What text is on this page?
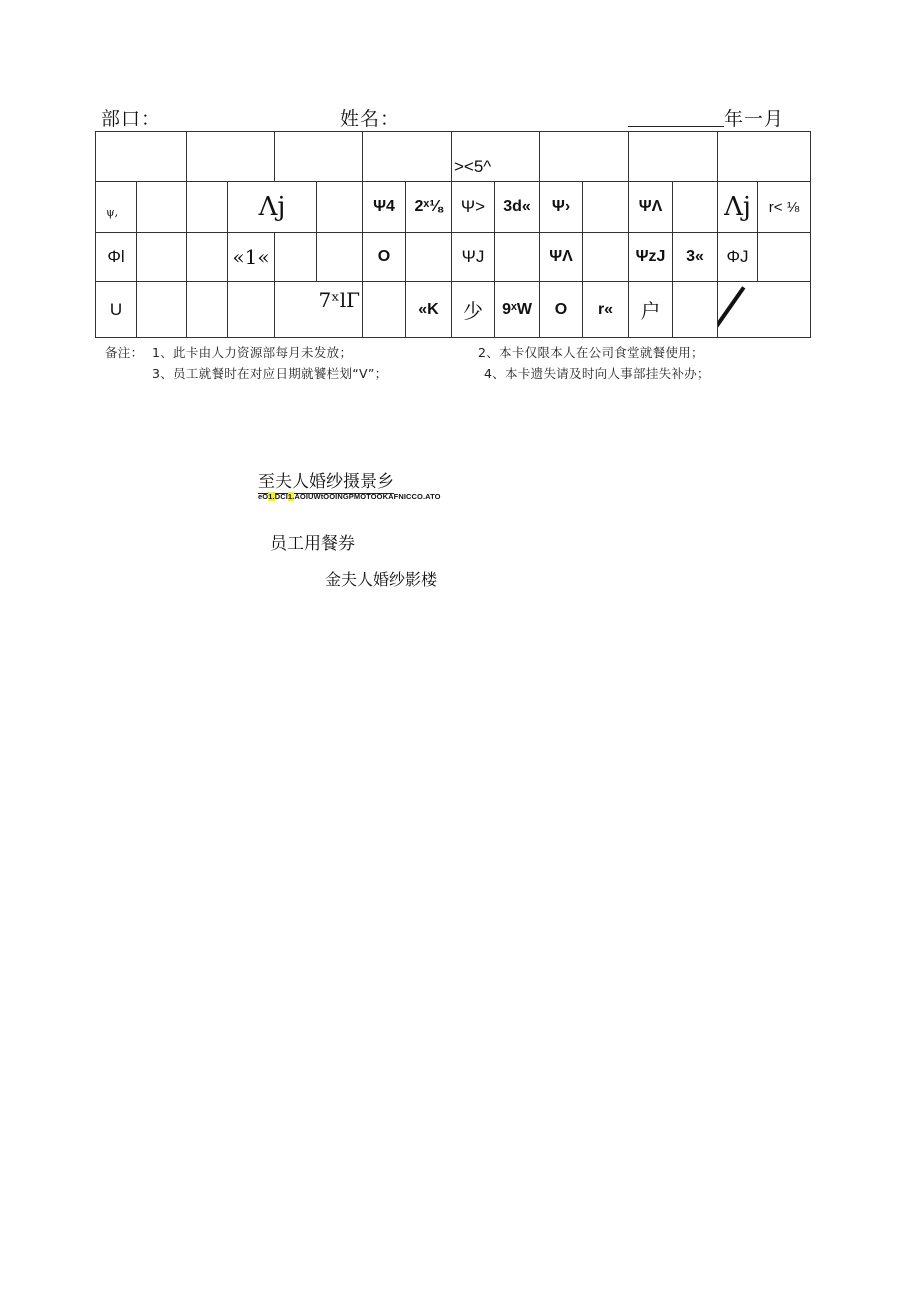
部口：	姓名：	年一月
								><5^							
ψ,			Λj			Ψ4	2ˣ⅛	Ψ>	3d«	Ψ›		ΨΛ		Λj	r< ⅛
Φl			«1«			O		ΨJ		ΨΛ		ΨzJ	3«	ΦJ	
U				7ˣlΓ			«K	少	9ˣW	O	r«	户			
备注： 1、此卡由人力资源部每月未发放；	2、本卡仅限本人在公司食堂就餐使用；
3、员工就餐时在对应日期就饕栏划“V”；	4、本卡遗失请及时向人事部挂失补办；
至夫人婚纱摄景乡
eO1.DCI1.AOIUWtOOINGPMOTOOKAFNICCO.ATO
员工用餐券
金夫人婚纱影楼
